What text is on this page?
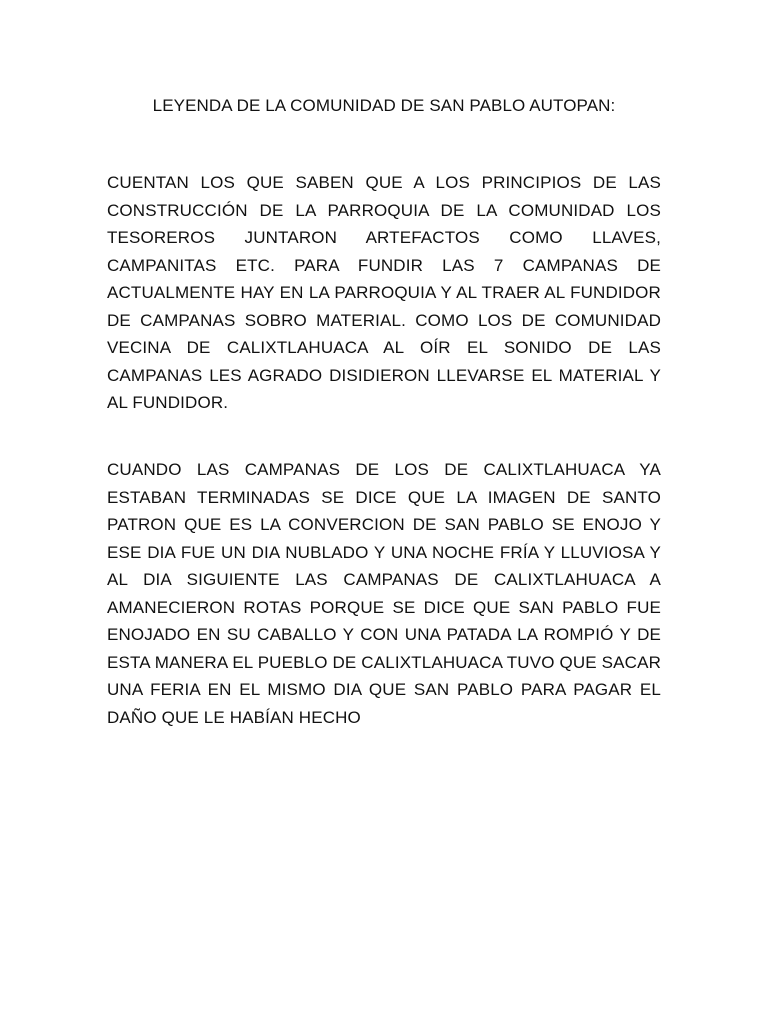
LEYENDA DE LA COMUNIDAD DE SAN PABLO AUTOPAN:

CUENTAN LOS QUE SABEN QUE A LOS PRINCIPIOS DE LAS CONSTRUCCIÓN DE LA PARROQUIA DE LA COMUNIDAD LOS TESOREROS JUNTARON ARTEFACTOS COMO LLAVES, CAMPANITAS ETC. PARA FUNDIR LAS 7 CAMPANAS DE ACTUALMENTE HAY EN LA PARROQUIA Y AL TRAER AL FUNDIDOR DE CAMPANAS SOBRO MATERIAL. COMO LOS DE COMUNIDAD VECINA DE CALIXTLAHUACA AL OÍR EL SONIDO DE LAS CAMPANAS LES AGRADO DISIDIERON LLEVARSE EL MATERIAL Y AL FUNDIDOR.

CUANDO LAS CAMPANAS DE LOS DE CALIXTLAHUACA YA ESTABAN TERMINADAS SE DICE QUE LA IMAGEN DE SANTO PATRON QUE ES LA CONVERCION DE SAN PABLO SE ENOJO Y ESE DIA FUE UN DIA NUBLADO Y UNA NOCHE FRÍA Y LLUVIOSA Y AL DIA SIGUIENTE LAS CAMPANAS DE CALIXTLAHUACA A AMANECIERON ROTAS PORQUE SE DICE QUE SAN PABLO FUE ENOJADO EN SU CABALLO Y CON UNA PATADA LA ROMPIÓ Y DE ESTA MANERA EL PUEBLO DE CALIXTLAHUACA TUVO QUE SACAR UNA FERIA EN EL MISMO DIA QUE SAN PABLO PARA PAGAR EL DAÑO QUE LE HABÍAN HECHO
